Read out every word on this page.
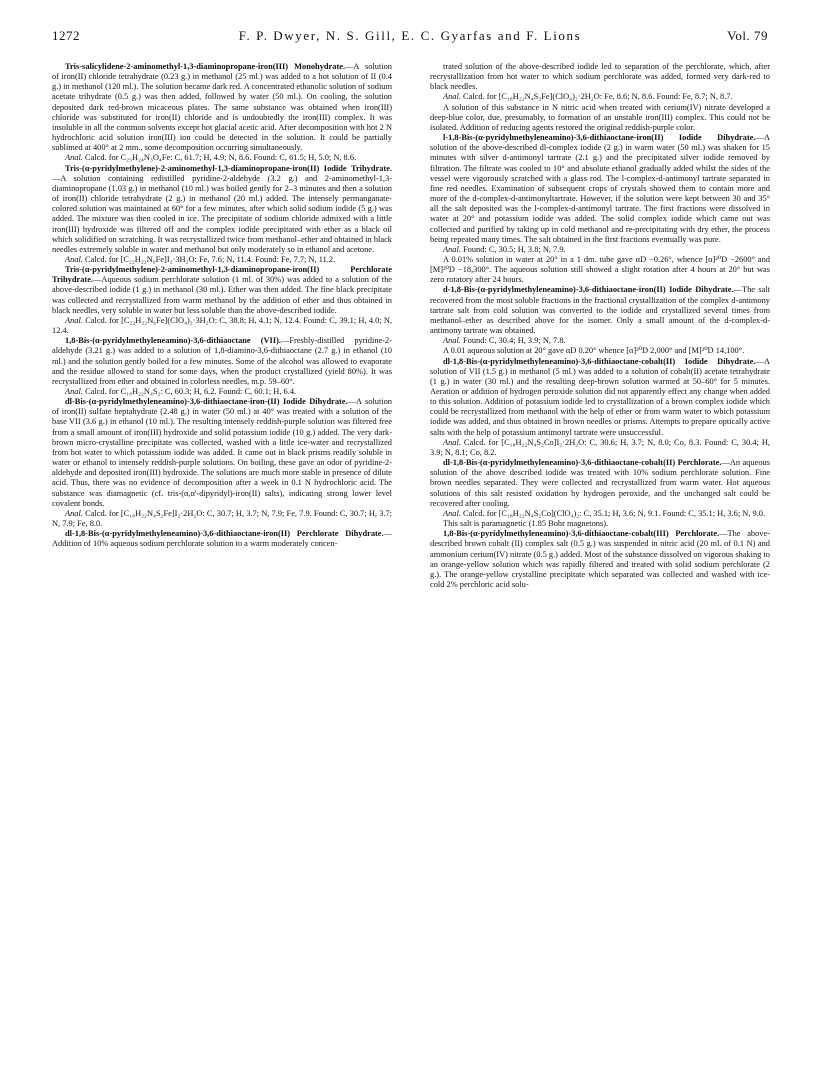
1272	F. P. Dwyer, N. S. Gill, E. C. Gyarfas and F. Lions	Vol. 79

Tris-salicylidene-2-aminomethyl-1,3-diaminopropane-iron(III) Monohydrate.—A solution of iron(II) chloride tetrahydrate (0.23 g.) in methanol (25 ml.) was added to a hot solution of II (0.4 g.) in methanol (120 ml.). The solution became dark red. A concentrated ethanolic solution of sodium acetate trihydrate (0.5 g.) was then added, followed by water (50 ml.). On cooling, the solution deposited dark red-brown micaceous plates. The same substance was obtained when iron(III) chloride was substituted for iron(II) chloride and is undoubtedly the iron(III) complex. It was insoluble in all the common solvents except hot glacial acetic acid. After decomposition with hot 2 N hydrochloric acid solution iron(III) ion could be detected in the solution. It could be partially sublimed at 400° at 2 mm., some decomposition occurring simultaneously.

Anal. Calcd. for C₂₅H₂₄N₃O₄Fe: C, 61.7; H, 4.9; N, 8.6. Found: C, 61.5; H, 5.0; N, 8.6.

Tris-(α-pyridylmethylene)-2-aminomethyl-1,3-diaminopropane-iron(II) Iodide Trihydrate.—A solution containing redistilled pyridine-2-aldehyde (3.2 g.) and 2-aminomethyl-1,3-diaminopropane (1.03 g.) in methanol (10 ml.) was boiled gently for 2–3 minutes and then a solution of iron(II) chloride tetrahydrate (2 g.) in methanol (20 ml.) added. The intensely permanganate-colored solution was maintained at 60° for a few minutes, after which solid sodium iodide (5 g.) was added. The mixture was then cooled in ice. The precipitate of sodium chloride admixed with a little iron(III) hydroxide was filtered off and the complex iodide precipitated with ether as a black oil which solidified on scratching. It was recrystallized twice from methanol–ether and obtained in black needles extremely soluble in water and methanol but only moderately so in ethanol and acetone.

Anal. Calcd. for [C₂₂H₂₂N₆Fe]I₂·3H₂O: Fe, 7.6; N, 11.4. Found: Fe, 7.7; N, 11.2.

Tris-(α-pyridylmethylene)-2-aminomethyl-1,3-diaminopropane-iron(II) Perchlorate Trihydrate.—Aqueous sodium perchlorate solution (1 ml. of 30%) was added to a solution of the above-described iodide (1 g.) in methanol (30 ml.). Ether was then added. The fine black precipitate was collected and recrystallized from warm methanol by the addition of ether and thus obtained in black needles, very soluble in water but less soluble than the above-described iodide.

Anal. Calcd. for [C₂₂H₂₂N₆Fe](ClO₄)₂·3H₂O: C, 38.8; H, 4.1; N, 12.4. Found: C, 39.1; H, 4.0; N, 12.4.

1,8-Bis-(α-pyridylmethyleneamino)-3,6-dithiaoctane (VII).—Freshly-distilled pyridine-2-aldehyde (3.21 g.) was added to a solution of 1,8-diamino-3,6-dithiaoctane (2.7 g.) in ethanol (10 ml.) and the solution gently boiled for a few minutes. Some of the alcohol was allowed to evaporate and the residue allowed to stand for some days, when the product crystallized (yield 80%). It was recrystallized from ether and obtained in colorless needles, m.p. 59–60°.

Anal. Calcd. for C₁₈H₂₂N₄S₂: C, 60.3; H, 6.2. Found: C, 60.1; H, 6.4.

dl-Bis-(α-pyridylmethyleneamino)-3,6-dithiaoctane-iron-(II) Iodide Dihydrate.—A solution of iron(II) sulfate heptahydrate (2.48 g.) in water (50 ml.) at 40° was treated with a solution of the base VII (3.6 g.) in ethanol (10 ml.). The resulting intensely reddish-purple solution was filtered free from a small amount of iron(III) hydroxide and solid potassium iodide (10 g.) added. The very dark-brown micro-crystalline precipitate was collected, washed with a little ice-water and recrystallized from hot water to which potassium iodide was added. It came out in black prisms readily soluble in water or ethanol to intensely reddish-purple solutions. On boiling, these gave an odor of pyridine-2-aldehyde and deposited iron(III) hydroxide. The solutions are much more stable in presence of dilute acid. Thus, there was no evidence of decomposition after a week in 0.1 N hydrochloric acid. The substance was diamagnetic (cf. tris-(α,α'-dipyridyl)-iron(II) salts), indicating strong lower level covalent bonds.

Anal. Calcd. for [C₁₈H₂₂N₄S₂Fe]I₂·2H₂O: C, 30.7; H, 3.7; N, 7.9; Fe, 7.9. Found: C, 30.7; H, 3.7; N, 7.9; Fe, 8.0.

dl-1,8-Bis-(α-pyridylmethyleneamino)-3,6-dithiaoctane-iron(II) Perchlorate Dihydrate.—Addition of 10% aqueous sodium perchlorate solution to a warm moderately concen-

trated solution of the above-described iodide led to separation of the perchlorate, which, after recrystallization from hot water to which sodium perchlorate was added, formed very dark-red to black needles.

Anal. Calcd. for [C₁₈H₂₂N₄S₂Fe](ClO₄)₂·2H₂O: Fe, 8.6; N, 8.6. Found: Fe, 8.7; N, 8.7.

A solution of this substance in N nitric acid when treated with cerium(IV) nitrate developed a deep-blue color, due, presumably, to formation of an unstable iron(III) complex. This could not be isolated. Addition of reducing agents restored the original reddish-purple color.

l-1,8-Bis-(α-pyridylmethyleneamino)-3,6-dithiaoctane-iron(II) Iodide Dihydrate.—A solution of the above-described dl-complex iodide (2 g.) in warm water (50 ml.) was shaken for 15 minutes with silver d-antimonyl tartrate (2.1 g.) and the precipitated silver iodide removed by filtration. The filtrate was cooled to 10° and absolute ethanol gradually added whilst the sides of the vessel were vigorously scratched with a glass rod. The l-complex-d-antimonyl tartrate separated in fine red needles. Examination of subsequent crops of crystals showed them to contain more and more of the d-complex-d-antimonyltartrate. However, if the solution were kept between 30 and 35° all the salt deposited was the l-complex-d-antimonyl tartrate. The first fractions were dissolved in water at 20° and potassium iodide was added. The solid complex iodide which came out was collected and purified by taking up in cold methanol and re-precipitating with dry ether, the process being repeated many times. The salt obtained in the first fractions eventually was pure.

Anal. Found: C, 30.5; H, 3.8; N, 7.9.

A 0.01% solution in water at 20° in a 1 dm. tube gave αD −0.26°, whence [α]²⁰D −2600° and [M]²⁰D −18,300°. The aqueous solution still showed a slight rotation after 4 hours at 20° but was zero rotatory after 24 hours.

d-1,8-Bis-(α-pyridylmethyleneamino)-3,6-dithiaoctane-iron(II) Iodide Dihydrate.—The salt recovered from the most soluble fractions in the fractional crystallization of the complex d-antimony tartrate salt from cold solution was converted to the iodide and crystallized several times from methanol–ether as described above for the isomer. Only a small amount of the d-complex-d-antimony tartrate was obtained.

Anal. Found: C, 30.4; H, 3.9; N, 7.8.

A 0.01 aqueous solution at 20° gave αD 0.20° whence [α]²⁰D 2,000° and [M]²⁰D 14,100°.

dl-1,8-Bis-(α-pyridylmethyleneamino)-3,6-dithiaoctane-cobalt(II) Iodide Dihydrate.—A solution of VII (1.5 g.) in methanol (5 ml.) was added to a solution of cobalt(II) acetate tetrahydrate (1 g.) in water (30 ml.) and the resulting deep-brown solution warmed at 50–60° for 5 minutes. Aeration or addition of hydrogen peroxide solution did not apparently effect any change when added to this solution. Addition of potassium iodide led to crystallization of a brown complex iodide which could be recrystallized from methanol with the help of ether or from warm water to which potassium iodide was added, and thus obtained in brown needles or prisms. Attempts to prepare optically active salts with the help of potassium antimonyl tartrate were unsuccessful.

Anal. Calcd. for [C₁₈H₂₂N₄S₂Co]I₂·2H₂O: C, 30.6; H, 3.7; N, 8.0; Co, 8.3. Found: C, 30.4; H, 3.9; N, 8.1; Co, 8.2.

dl-1,8-Bis-(α-pyridylmethyleneamino)-3,6-dithiaoctane-cobalt(II) Perchlorate.—An aqueous solution of the above described iodide was treated with 10% sodium perchlorate solution. Fine brown needles separated. They were collected and recrystallized from warm water. Hot aqueous solutions of this salt resisted oxidation by hydrogen peroxide, and the unchanged salt could be recovered after cooling.

Anal. Calcd. for [C₁₈H₂₂N₄S₂Co](ClO₄)₂: C, 35.1; H, 3.6; N, 9.1. Found: C, 35.1; H, 3.6; N, 9.0.

This salt is paramagnetic (1.85 Bohr magnetons).

1,8-Bis-(α-pyridylmethyleneamino)-3,6-dithiaoctane-cobalt(III) Perchlorate.—The above-described brown cobalt (II) complex salt (0.5 g.) was suspended in nitric acid (20 ml. of 0.1 N) and ammonium cerium(IV) nitrate (0.5 g.) added. Most of the substance dissolved on vigorous shaking to an orange-yellow solution which was rapidly filtered and treated with solid sodium perchlorate (2 g.). The orange-yellow crystalline precipitate which separated was collected and washed with ice-cold 2% perchloric acid solu-
